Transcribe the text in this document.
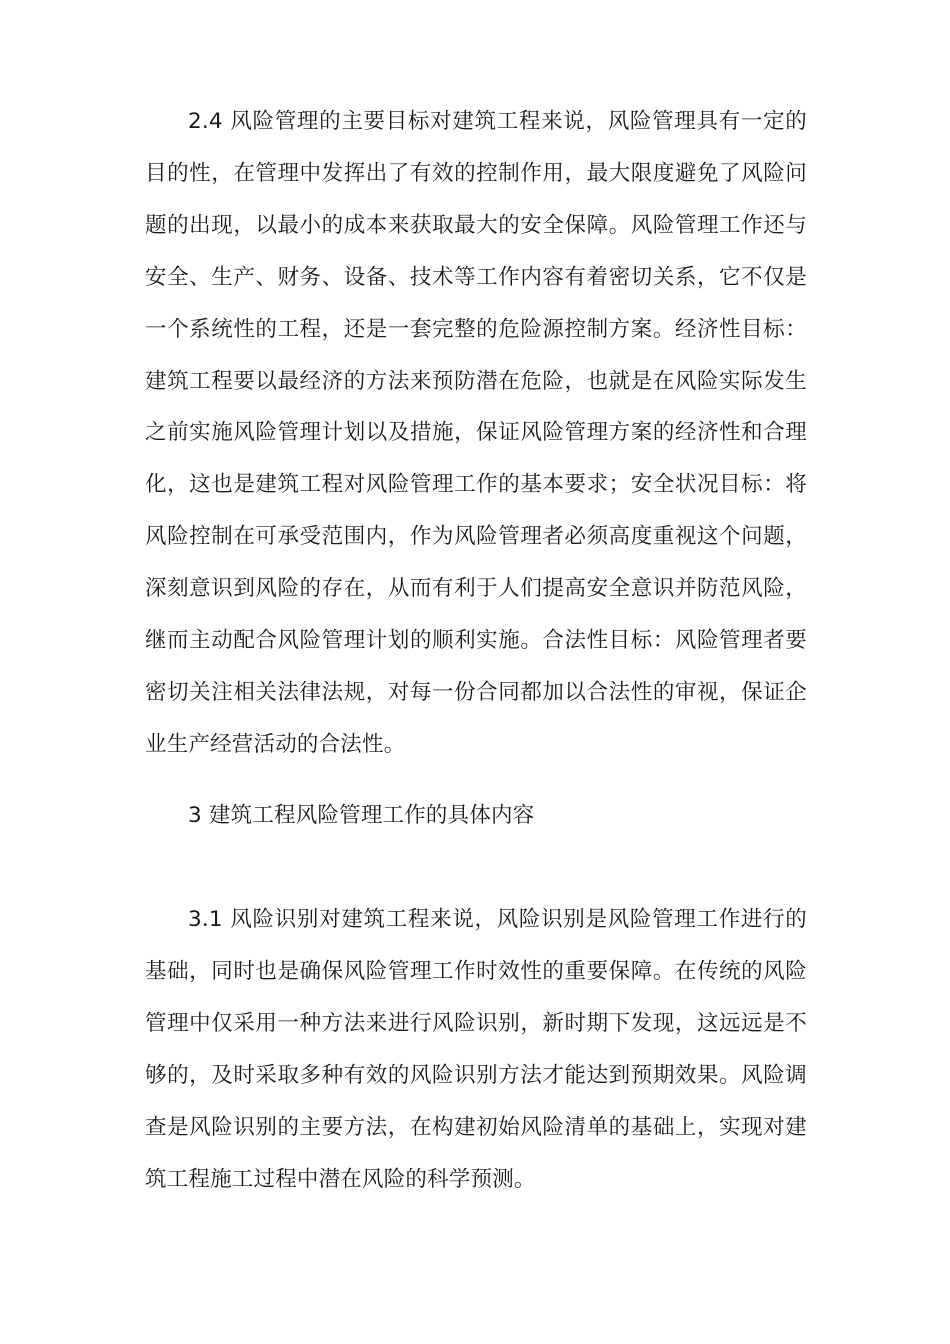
2.4 风险管理的主要目标对建筑工程来说，风险管理具有一定的目的性，在管理中发挥出了有效的控制作用，最大限度避免了风险问题的出现，以最小的成本来获取最大的安全保障。风险管理工作还与安全、生产、财务、设备、技术等工作内容有着密切关系，它不仅是一个系统性的工程，还是一套完整的危险源控制方案。经济性目标：建筑工程要以最经济的方法来预防潜在危险，也就是在风险实际发生之前实施风险管理计划以及措施，保证风险管理方案的经济性和合理化，这也是建筑工程对风险管理工作的基本要求；安全状况目标：将风险控制在可承受范围内，作为风险管理者必须高度重视这个问题，深刻意识到风险的存在，从而有利于人们提高安全意识并防范风险，继而主动配合风险管理计划的顺利实施。合法性目标：风险管理者要密切关注相关法律法规，对每一份合同都加以合法性的审视，保证企业生产经营活动的合法性。

3 建筑工程风险管理工作的具体内容

3.1 风险识别对建筑工程来说，风险识别是风险管理工作进行的基础，同时也是确保风险管理工作时效性的重要保障。在传统的风险管理中仅采用一种方法来进行风险识别，新时期下发现，这远远是不够的，及时采取多种有效的风险识别方法才能达到预期效果。风险调查是风险识别的主要方法，在构建初始风险清单的基础上，实现对建筑工程施工过程中潜在风险的科学预测。
